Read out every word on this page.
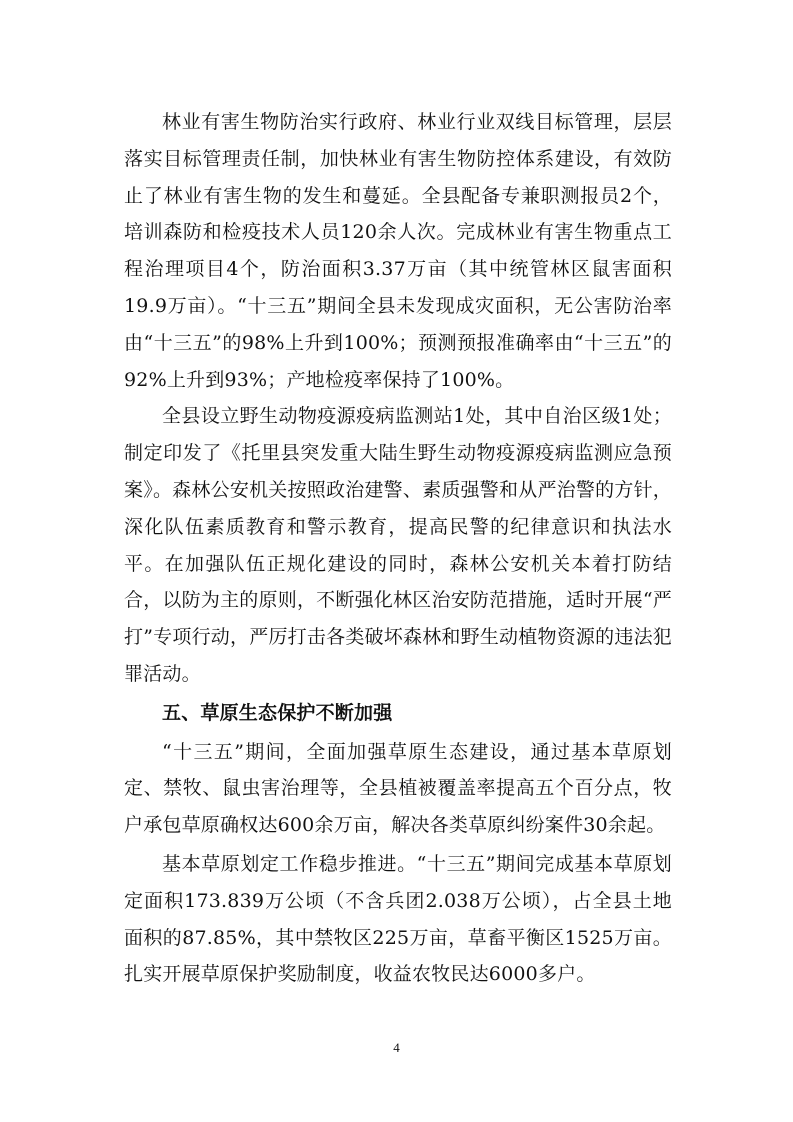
林业有害生物防治实行政府、林业行业双线目标管理，层层落实目标管理责任制，加快林业有害生物防控体系建设，有效防止了林业有害生物的发生和蔓延。全县配备专兼职测报员2个，培训森防和检疫技术人员120余人次。完成林业有害生物重点工程治理项目4个，防治面积3.37万亩（其中统管林区鼠害面积19.9万亩）。“十三五”期间全县未发现成灾面积，无公害防治率由“十三五”的98%上升到100%；预测预报准确率由“十三五”的92%上升到93%；产地检疫率保持了100%。

全县设立野生动物疫源疫病监测站1处，其中自治区级1处；制定印发了《托里县突发重大陆生野生动物疫源疫病监测应急预案》。森林公安机关按照政治建警、素质强警和从严治警的方针，深化队伍素质教育和警示教育，提高民警的纪律意识和执法水平。在加强队伍正规化建设的同时，森林公安机关本着打防结合，以防为主的原则，不断强化林区治安防范措施，适时开展“严打”专项行动，严厉打击各类破坏森林和野生动植物资源的违法犯罪活动。

五、草原生态保护不断加强

“十三五”期间，全面加强草原生态建设，通过基本草原划定、禁牧、鼠虫害治理等，全县植被覆盖率提高五个百分点，牧户承包草原确权达600余万亩，解决各类草原纠纷案件30余起。

基本草原划定工作稳步推进。“十三五”期间完成基本草原划定面积173.839万公顷（不含兵团2.038万公顷），占全县土地面积的87.85%，其中禁牧区225万亩，草畜平衡区1525万亩。扎实开展草原保护奖励制度，收益农牧民达6000多户。

4
